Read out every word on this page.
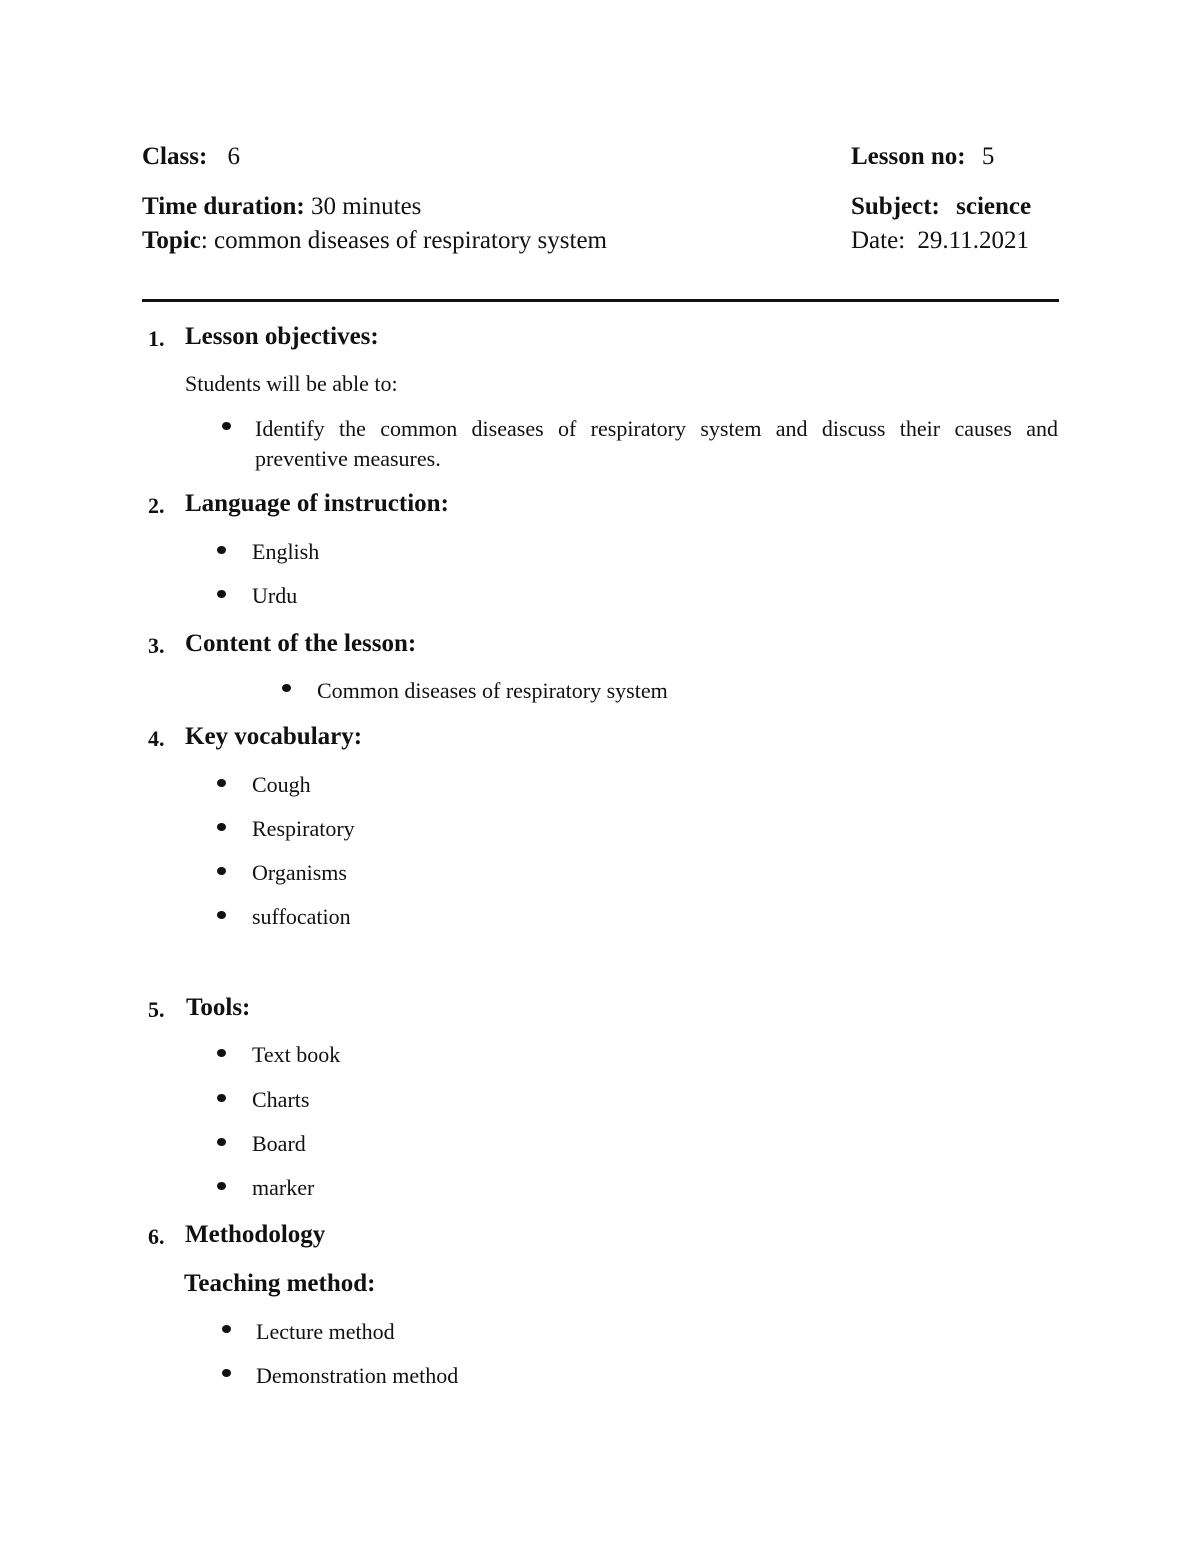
Class: 6	Lesson no: 5
Time duration: 30 minutes	Subject: science
Topic: common diseases of respiratory system	Date: 29.11.2021
1. Lesson objectives:
Students will be able to:
Identify the common diseases of respiratory system and discuss their causes and preventive measures.
2. Language of instruction:
English
Urdu
3. Content of the lesson:
Common diseases of respiratory system
4. Key vocabulary:
Cough
Respiratory
Organisms
suffocation
5. Tools:
Text book
Charts
Board
marker
6. Methodology
Teaching method:
Lecture method
Demonstration method
